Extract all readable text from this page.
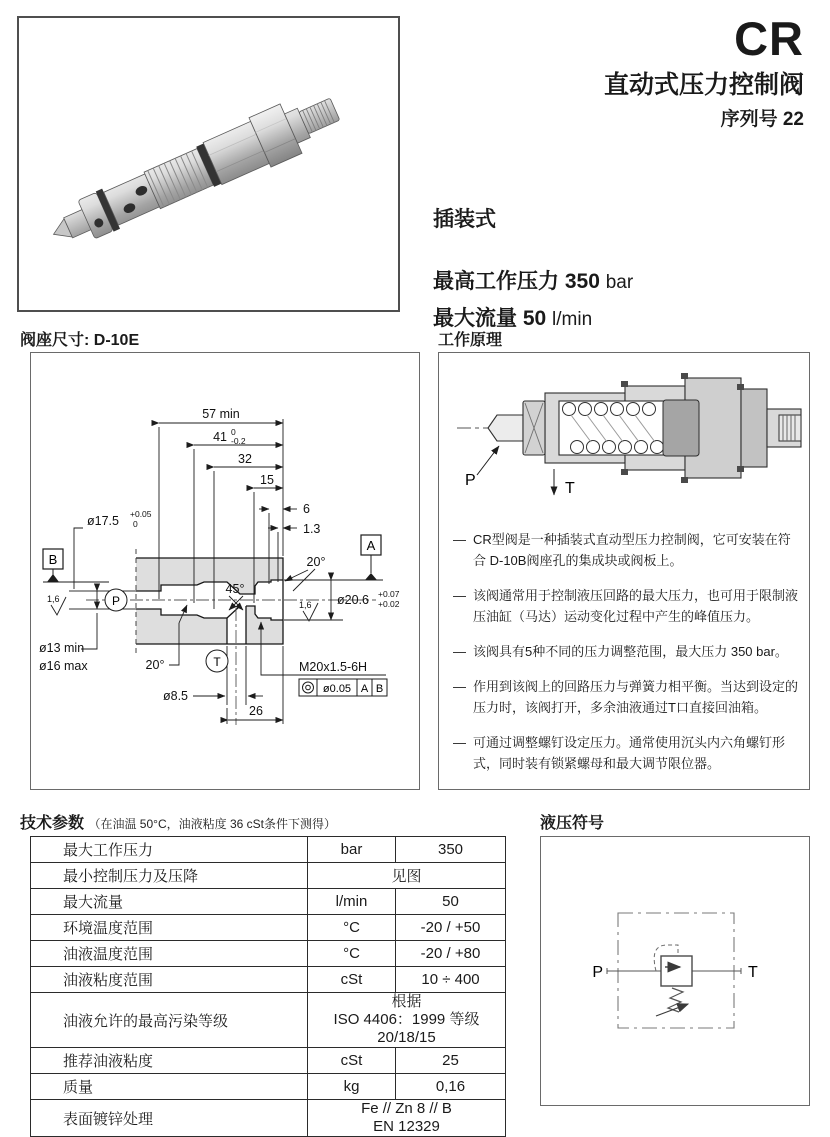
CR
直动式压力控制阀
序列号 22
插装式
最高工作压力 350 bar
最大流量 50 l/min
阀座尺寸: D-10E
B
A
P
T
ø0.05 A B
57 min
41 0
-0.2
32
15
6
1.3
ø17.5 +0.05
0
1,6
1,6
20°
45°
20°
ø20.6 +0.07
+0.02
ø13 min
ø16 max
ø8.5
26
M20x1.5-6H
工作原理
P	T
— CR型阀是一种插装式直动型压力控制阀，它可安装在符合 D-10B阀座孔的集成块或阀板上。
— 该阀通常用于控制液压回路的最大压力，也可用于限制液压油缸（马达）运动变化过程中产生的峰值压力。
— 该阀具有5种不同的压力调整范围，最大压力 350 bar。
— 作用到该阀上的回路压力与弹簧力相平衡。当达到设定的压力时，该阀打开，多余油液通过T口直接回油箱。
— 可通过调整螺钉设定压力。通常使用沉头内六角螺钉形式，同时装有锁紧螺母和最大调节限位器。
技术参数 （在油温 50°C，油液粘度 36 cSt条件下测得）
最大工作压力	bar	350
最小控制压力及压降	见图	
最大流量	l/min	50
环境温度范围	°C	-20 / +50
油液温度范围	°C	-20 / +80
油液粘度范围	cSt	10 ÷ 400
油液允许的最高污染等级	根据
ISO 4406：1999 等级 20/18/15	

推荐油液粘度	cSt	25
质量	kg	0,16
表面镀锌处理	Fe // Zn 8 // B
EN 12329	
液压符号
P	T
